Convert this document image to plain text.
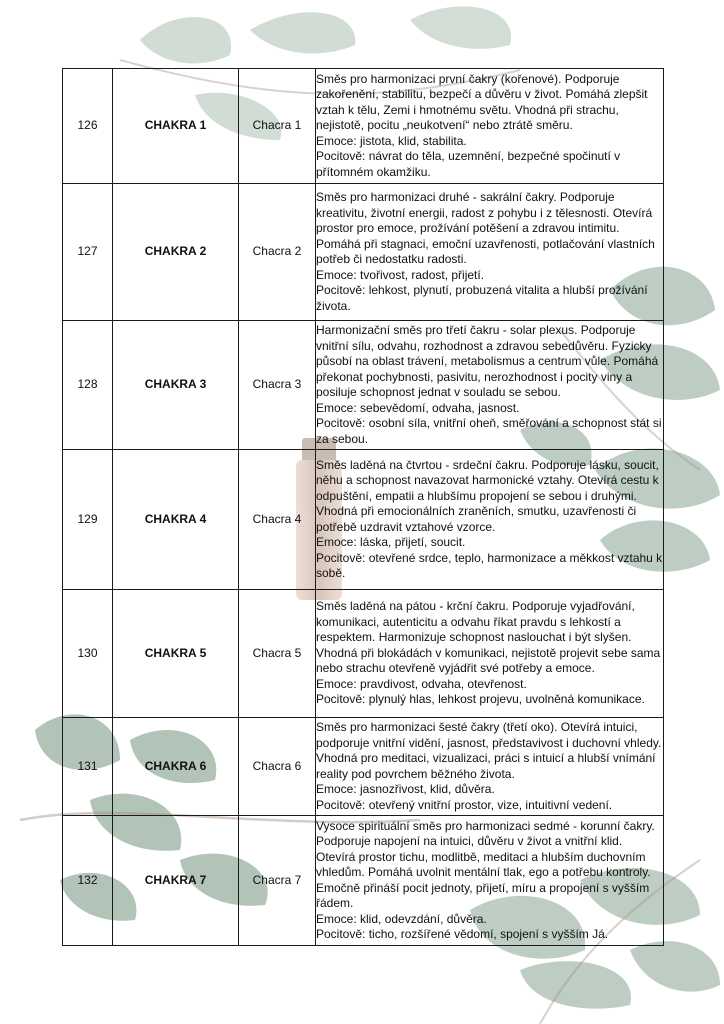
126	CHAKRA 1	Chacra 1	Směs pro harmonizaci první čakry (kořenové). Podporuje zakořenění, stabilitu, bezpečí a důvěru v život. Pomáhá zlepšit vztah k tělu, Zemi i hmotnému světu. Vhodná při strachu, nejistotě, pocitu „neukotvení“ nebo ztrátě směru.

Emoce: jistota, klid, stabilita.

Pocitově: návrat do těla, uzemnění, bezpečné spočinutí v přítomném okamžiku.

127	CHAKRA 2	Chacra 2	Směs pro harmonizaci druhé - sakrální čakry. Podporuje kreativitu, životní energii, radost z pohybu i z tělesnosti. Otevírá prostor pro emoce, prožívání potěšení a zdravou intimitu. Pomáhá při stagnaci, emoční uzavřenosti, potlačování vlastních potřeb či nedostatku radosti.

Emoce: tvořivost, radost, přijetí.

Pocitově: lehkost, plynutí, probuzená vitalita a hlubší prožívání života.

128	CHAKRA 3	Chacra 3	Harmonizační směs pro třetí čakru - solar plexus. Podporuje vnitřní sílu, odvahu, rozhodnost a zdravou sebedůvěru. Fyzicky působí na oblast trávení, metabolismus a centrum vůle. Pomáhá překonat pochybnosti, pasivitu, nerozhodnost i pocity viny a posiluje schopnost jednat v souladu se sebou.

Emoce: sebevědomí, odvaha, jasnost.

Pocitově: osobní síla, vnitřní oheň, směřování a schopnost stát si za sebou.

129	CHAKRA 4	Chacra 4	Směs laděná na čtvrtou - srdeční čakru. Podporuje lásku, soucit, něhu a schopnost navazovat harmonické vztahy. Otevírá cestu k odpuštění, empatii a hlubšímu propojení se sebou i druhými. Vhodná při emocionálních zraněních, smutku, uzavřenosti či potřebě uzdravit vztahové vzorce.

Emoce: láska, přijetí, soucit.

Pocitově: otevřené srdce, teplo, harmonizace a měkkost vztahu k sobě.

130	CHAKRA 5	Chacra 5	Směs laděná na pátou - krční čakru. Podporuje vyjadřování, komunikaci, autenticitu a odvahu říkat pravdu s lehkostí a respektem. Harmonizuje schopnost naslouchat i být slyšen. Vhodná při blokádách v komunikaci, nejistotě projevit sebe sama nebo strachu otevřeně vyjádřit své potřeby a emoce.

Emoce: pravdivost, odvaha, otevřenost.

Pocitově: plynulý hlas, lehkost projevu, uvolněná komunikace.

131	CHAKRA 6	Chacra 6	Směs pro harmonizaci šesté čakry (třetí oko). Otevírá intuici, podporuje vnitřní vidění, jasnost, představivost i duchovní vhledy. Vhodná pro meditaci, vizualizaci, práci s intuicí a hlubší vnímání reality pod povrchem běžného života.

Emoce: jasnozřivost, klid, důvěra.

Pocitově: otevřený vnitřní prostor, vize, intuitivní vedení.

132	CHAKRA 7	Chacra 7	Vysoce spirituální směs pro harmonizaci sedmé - korunní čakry. Podporuje napojení na intuici, důvěru v život a vnitřní klid. Otevírá prostor tichu, modlitbě, meditaci a hlubším duchovním vhledům. Pomáhá uvolnit mentální tlak, ego a potřebu kontroly. Emočně přináší pocit jednoty, přijetí, míru a propojení s vyšším řádem.

Emoce: klid, odevzdání, důvěra.

Pocitově: ticho, rozšířené vědomí, spojení s vyšším Já.
